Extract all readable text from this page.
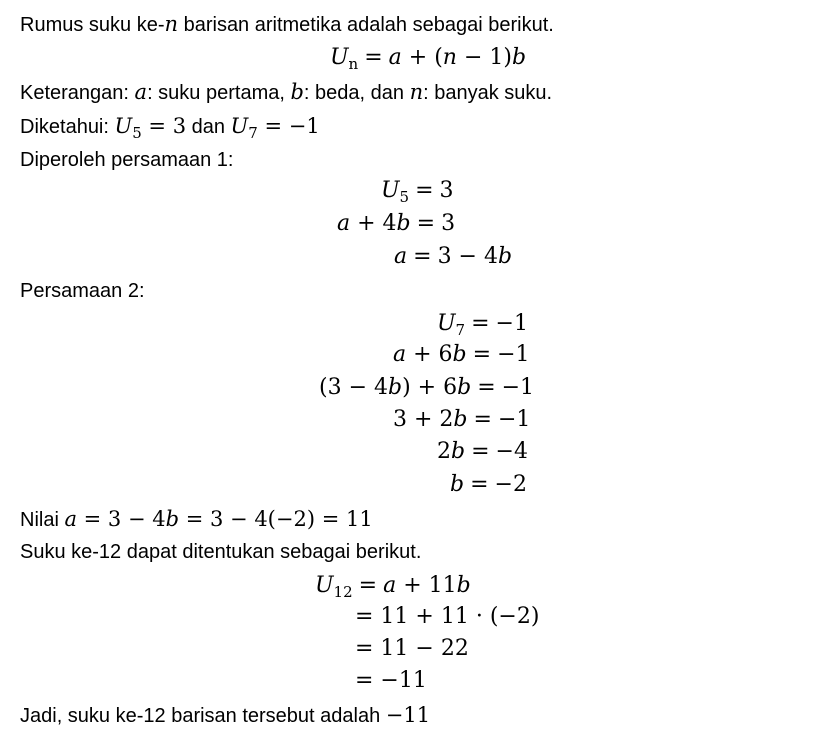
Rumus suku ke-n barisan aritmetika adalah sebagai berikut.
$U_n = a + (n - 1)b$
Keterangan: a: suku pertama, b: beda, dan n: banyak suku.
Diketahui: $U_5 = 3$ dan $U_7 = -1$
Diperoleh persamaan 1:
$U_5 = 3$
a + 4b = 3
a = 3 − 4b
Persamaan 2:
$U_7 = -1$
a + 6b = −1
(3 − 4b) + 6b = −1
3 + 2b = −1
2b = −4
b = −2
Nilai a = 3 − 4b = 3 − 4(−2) = 11
Suku ke-12 dapat ditentukan sebagai berikut.
$U_{12} = a + 11b$
= 11 + 11 · (−2)
= 11 − 22
= −11
Jadi, suku ke-12 barisan tersebut adalah −11
